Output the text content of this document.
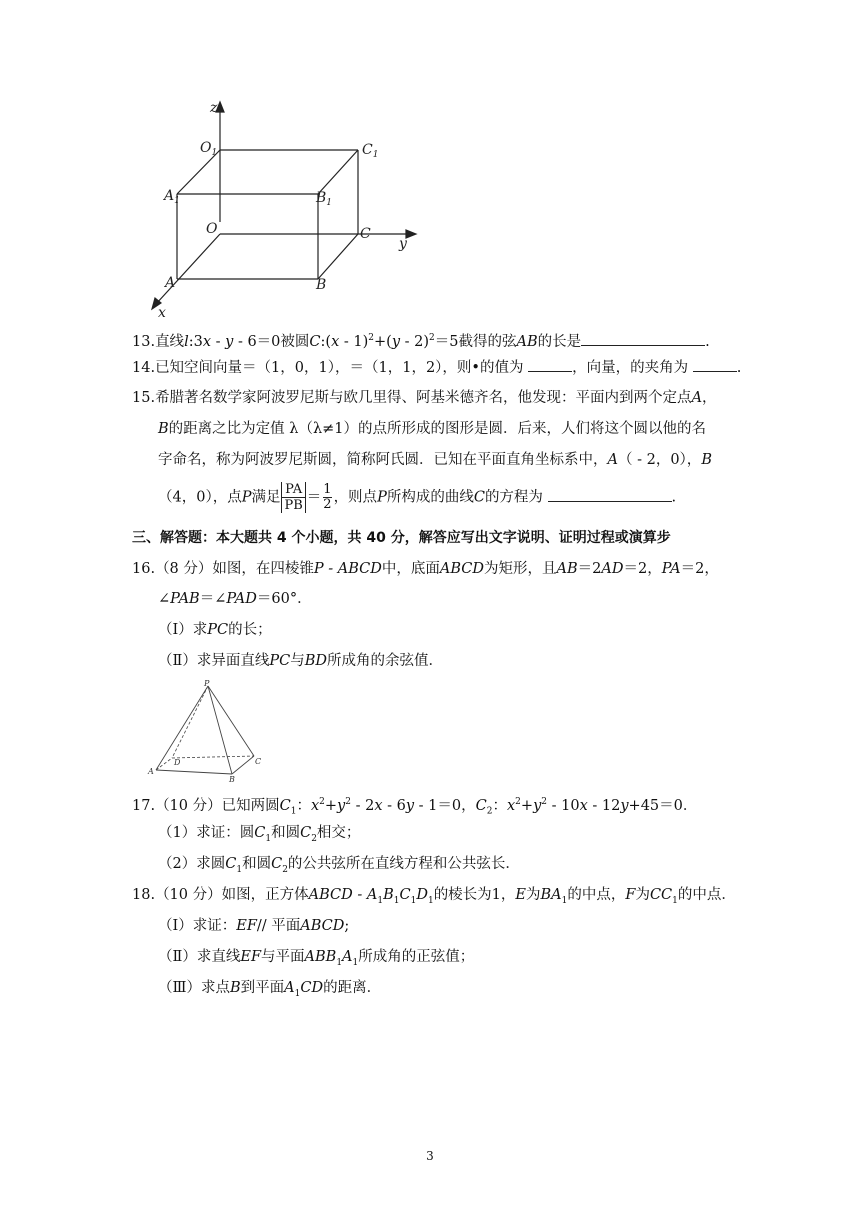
z
y
x
$O_1$	$C_1$
$A_1$	$B_1$
O	C
A	B
13.直线l:3x - y - 6＝0被圆C:(x - 1)$^2$+(y - 2)$^2$＝5截得的弦AB的长是	.
14.已知空间向量＝（1，0，1），＝（1，1，2），则•的值为	，向量，的夹角为	.
15.希腊著名数学家阿波罗尼斯与欧几里得、阿基米德齐名，他发现：平面内到两个定点A，
B的距离之比为定值 λ（λ≠1）的点所形成的图形是圆．后来，人们将这个圆以他的名
字命名，称为阿波罗尼斯圆，简称阿氏圆．已知在平面直角坐标系中，A（ - 2，0），B
（4，0），点P满足 $\frac{PA}{PB} = \frac{1}{2}$ ，则点P所构成的曲线C的方程为	.
三、解答题：本大题共 4 个小题，共 40 分，解答应写出文字说明、证明过程或演算步
16.（8 分）如图，在四棱锥P - ABCD中，底面ABCD为矩形，且AB＝2AD＝2，PA＝2，
∠PAB＝∠PAD＝60°．
（Ⅰ）求PC的长；
（Ⅱ）求异面直线PC与BD所成角的余弦值．
P
A
D
B
C
17.（10 分）已知两圆$C_1$：$x^2+y^2 - 2x - 6y - 1=0$，$C_2$：$x^2+y^2 - 10x - 12y+45=0$．
（1）求证：圆$C_1$和圆$C_2$相交；
（2）求圆$C_1$和圆$C_2$的公共弦所在直线方程和公共弦长．
18.（10 分）如图，正方体ABCD - $A_1B_1C_1D_1$的棱长为1，E为$BA_1$的中点，F为$CC_1$的中点．
（Ⅰ）求证：EF// 平面ABCD;
（Ⅱ）求直线EF与平面$ABB_1A_1$所成角的正弦值；
（Ⅲ）求点B到平面$A_1CD$的距离．
3
